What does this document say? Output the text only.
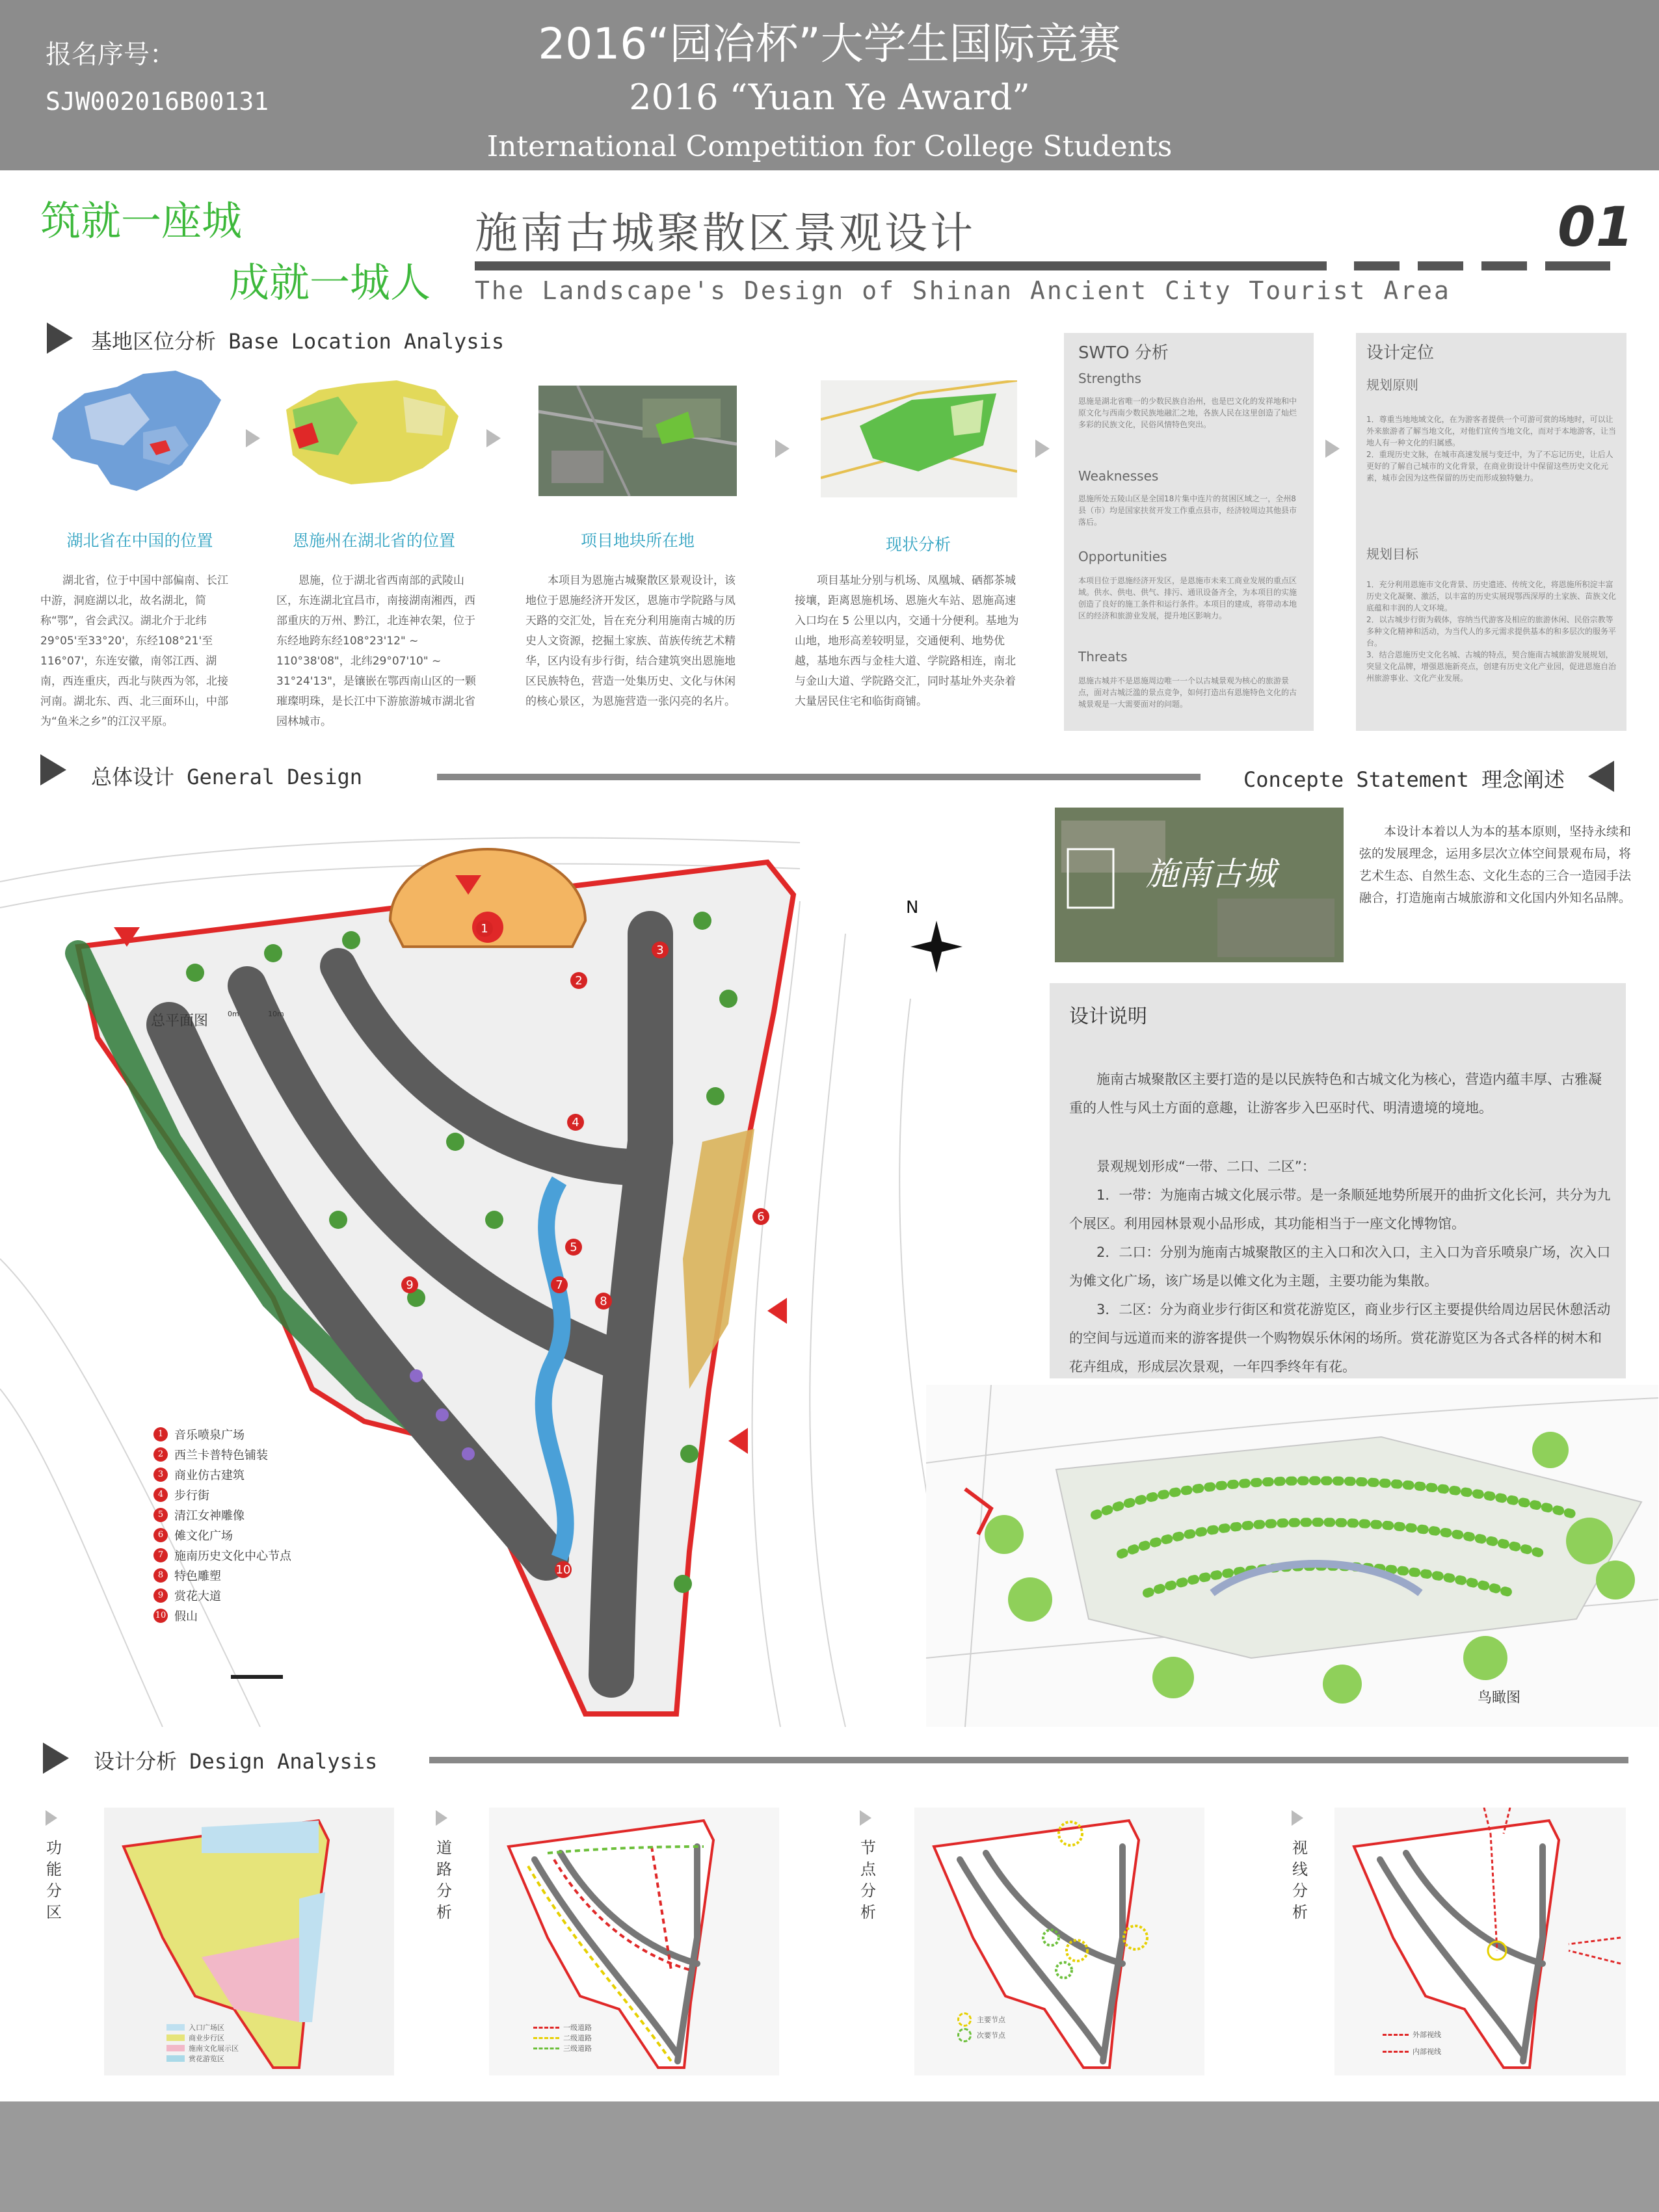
报名序号：
SJW002016B00131
2016“园冶杯”大学生国际竞赛
2016 “Yuan Ye Award”
International Competition for College Students
筑就一座城
成就一城人
施南古城聚散区景观设计	01
The Landscape's Design of Shinan Ancient City Tourist Area
基地区位分析 Base Location Analysis
湖北省在中国的位置	恩施州在湖北省的位置	项目地块所在地	现状分析
湖北省，位于中国中部偏南、长江中游，洞庭湖以北，故名湖北，简称“鄂”，省会武汉。湖北介于北纬29°05'至33°20'，东经108°21'至116°07'，东连安徽，南邻江西、湖南，西连重庆，西北与陕西为邻，北接河南。湖北东、西、北三面环山，中部为“鱼米之乡”的江汉平原。
恩施，位于湖北省西南部的武陵山区，东连湖北宜昌市，南接湖南湘西，西部重庆的万州、黔江，北连神农架，位于东经地跨东经108°23'12" ~ 110°38'08"，北纬29°07'10" ~ 31°24'13"，是镶嵌在鄂西南山区的一颗璀璨明珠，是长江中下游旅游城市湖北省园林城市。
本项目为恩施古城聚散区景观设计，该地位于恩施经济开发区，恩施市学院路与凤天路的交汇处，旨在充分利用施南古城的历史人文资源，挖掘土家族、苗族传统艺术精华，区内设有步行街，结合建筑突出恩施地区民族特色，营造一处集历史、文化与休闲的核心景区，为恩施营造一张闪亮的名片。
项目基址分别与机场、凤凰城、硒都茶城接壤，距离恩施机场、恩施火车站、恩施高速入口均在 5 公里以内，交通十分便利。基地为山地，地形高差较明显，交通便利、地势优越，基地东西与金桂大道、学院路相连，南北与金山大道、学院路交汇，同时基址外夹杂着大量居民住宅和临街商铺。
SWTO 分析
Strengths
恩施是湖北省唯一的少数民族自治州，也是巴文化的发祥地和中原文化与西南少数民族地融汇之地，各族人民在这里创造了灿烂多彩的民族文化，民俗风情特色突出。
Weaknesses
恩施所处五陵山区是全国18片集中连片的贫困区域之一，全州8县（市）均是国家扶贫开发工作重点县市，经济较周边其他县市落后。
Opportunities
本项目位于恩施经济开发区，是恩施市未来工商业发展的重点区域。供水、供电、供气、排污、通讯设备齐全，为本项目的实施创造了良好的施工条件和运行条件。本项目的建成，将带动本地区的经济和旅游业发展，提升地区影响力。
Threats
恩施古城并不是恩施周边唯一一个以古城景观为核心的旅游景点，面对古城泛滥的景点竞争，如何打造出有恩施特色文化的古城景观是一大需要面对的问题。
设计定位
规划原则
1．尊重当地地域文化，在为游客者提供一个可游可赏的场地时，可以让外来旅游者了解当地文化，对他们宣传当地文化，而对于本地游客，让当地人有一种文化的归属感。
2．重现历史文脉，在城市高速发展与变迁中，为了不忘记历史，让后人更好的了解自己城市的文化背景，在商业街设计中保留这些历史文化元素，城市会因为这些保留的历史而形成独特魅力。
规划目标
1．充分利用恩施市文化背景、历史遗迹、传统文化，将恩施所积淀丰富历史文化凝聚、激活，以丰富的历史实展现鄂西深厚的土家族、苗族文化底蕴和丰润的人文环境。
2．以古城步行街为载体，容纳当代游客及相应的旅游休闲、民俗宗教等多种文化精神和活动，为当代人的多元需求提供基本的和多层次的服务平台。
3．结合恩施历史文化名城、古城的特点，契合施南古城旅游发展规划，突显文化品牌，增强恩施新亮点，创建有历史文化产业园，促进恩施自治州旅游事业、文化产业发展。
总体设计 General Design	Concepte Statement 理念阐述
1
2
3
4
5
6
7
8
9
10
N
总平面图	0m	10m
1 音乐喷泉广场
2 西兰卡普特色铺装
3 商业仿古建筑
4 步行街
5 清江女神雕像
6 傩文化广场
7 施南历史文化中心节点
8 特色雕塑
9 赏花大道
10 假山
施南古城
本设计本着以人为本的基本原则，坚持永续和弦的发展理念，运用多层次立体空间景观布局，将艺术生态、自然生态、文化生态的三合一造园手法融合，打造施南古城旅游和文化国内外知名品牌。
设计说明
施南古城聚散区主要打造的是以民族特色和古城文化为核心，营造内蕴丰厚、古雅凝重的人性与风土方面的意趣，让游客步入巴巫时代、明清遗境的境地。
景观规划形成“一带、二口、二区”：
1．一带：为施南古城文化展示带。是一条顺延地势所展开的曲折文化长河，共分为九个展区。利用园林景观小品形成，其功能相当于一座文化博物馆。
2．二口：分别为施南古城聚散区的主入口和次入口，主入口为音乐喷泉广场，次入口为傩文化广场，该广场是以傩文化为主题，主要功能为集散。
3．二区：分为商业步行街区和赏花游览区，商业步行区主要提供给周边居民休憩活动的空间与远道而来的游客提供一个购物娱乐休闲的场所。赏花游览区为各式各样的树木和花卉组成，形成层次景观，一年四季终年有花。
鸟瞰图
设计分析 Design Analysis
功能分区
入口广场区
商业步行区
施南文化展示区
赏花游览区
道路分析
一级道路
二级道路
三级道路
节点分析
主要节点
次要节点
视线分析
外部视线
内部视线
